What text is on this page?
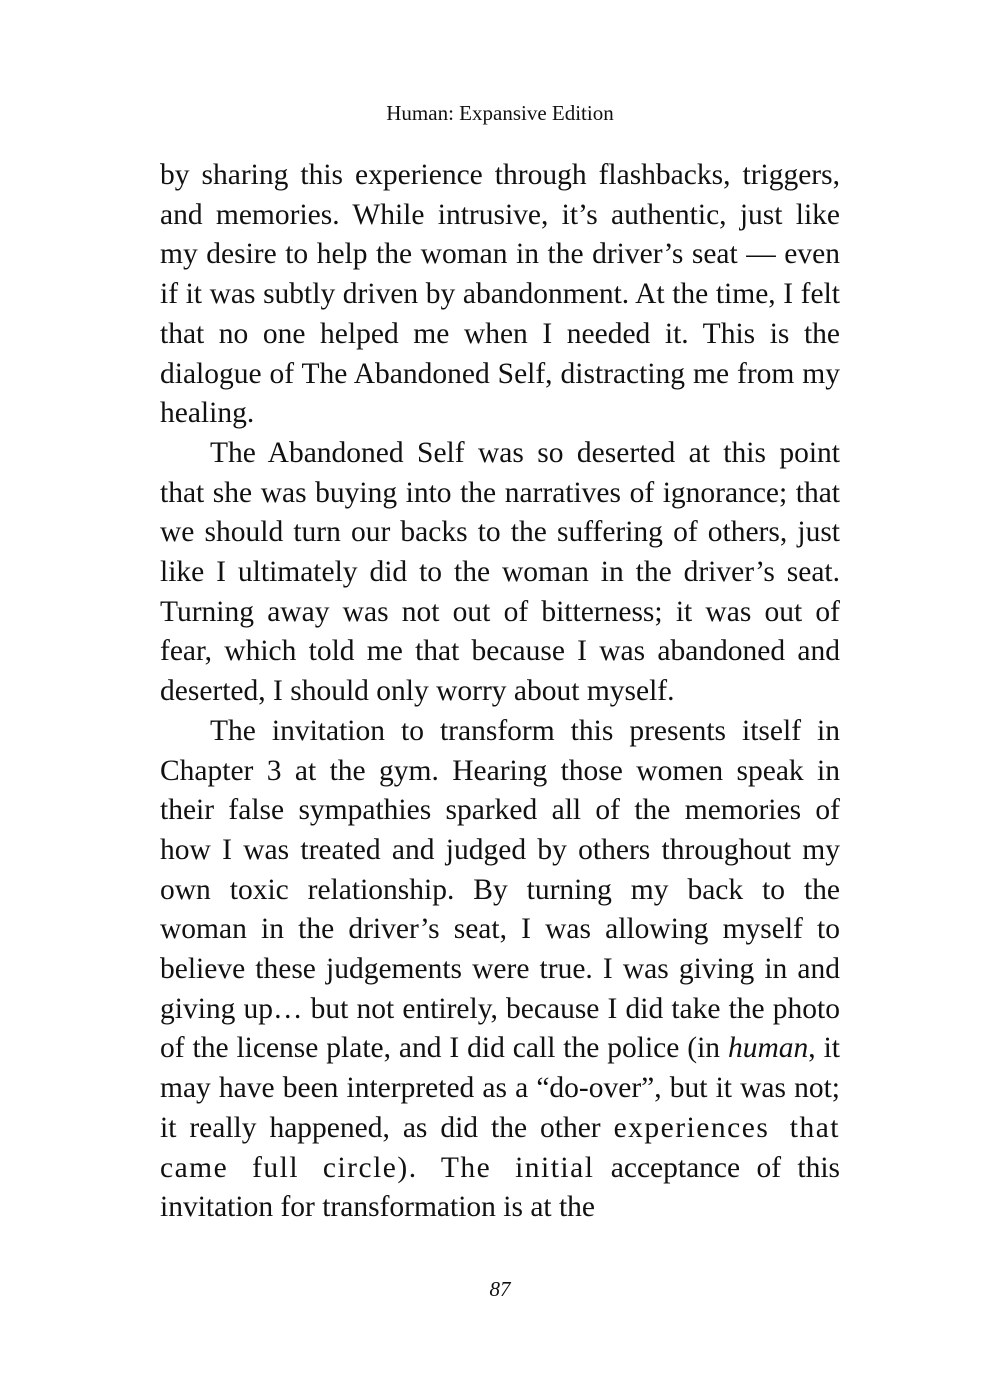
Human: Expansive Edition

by sharing this experience through flashbacks, triggers, and memories. While intrusive, it’s authentic, just like my desire to help the woman in the driver’s seat — even if it was subtly driven by abandonment. At the time, I felt that no one helped me when I needed it. This is the dialogue of The Abandoned Self, distracting me from my healing.

The Abandoned Self was so deserted at this point that she was buying into the narratives of ignorance; that we should turn our backs to the suffering of others, just like I ultimately did to the woman in the driver’s seat. Turning away was not out of bitterness; it was out of fear, which told me that because I was abandoned and deserted, I should only worry about myself.

The invitation to transform this presents itself in Chapter 3 at the gym. Hearing those women speak in their false sympathies sparked all of the memories of how I was treated and judged by others throughout my own toxic relationship. By turning my back to the woman in the driver’s seat, I was allowing myself to believe these judgements were true. I was giving in and giving up… but not entirely, because I did take the photo of the license plate, and I did call the police (in human, it may have been interpreted as a “do-over”, but it was not; it really happened, as did the other experiences that came full circle). The initial acceptance of this invitation for transformation is at the

87
